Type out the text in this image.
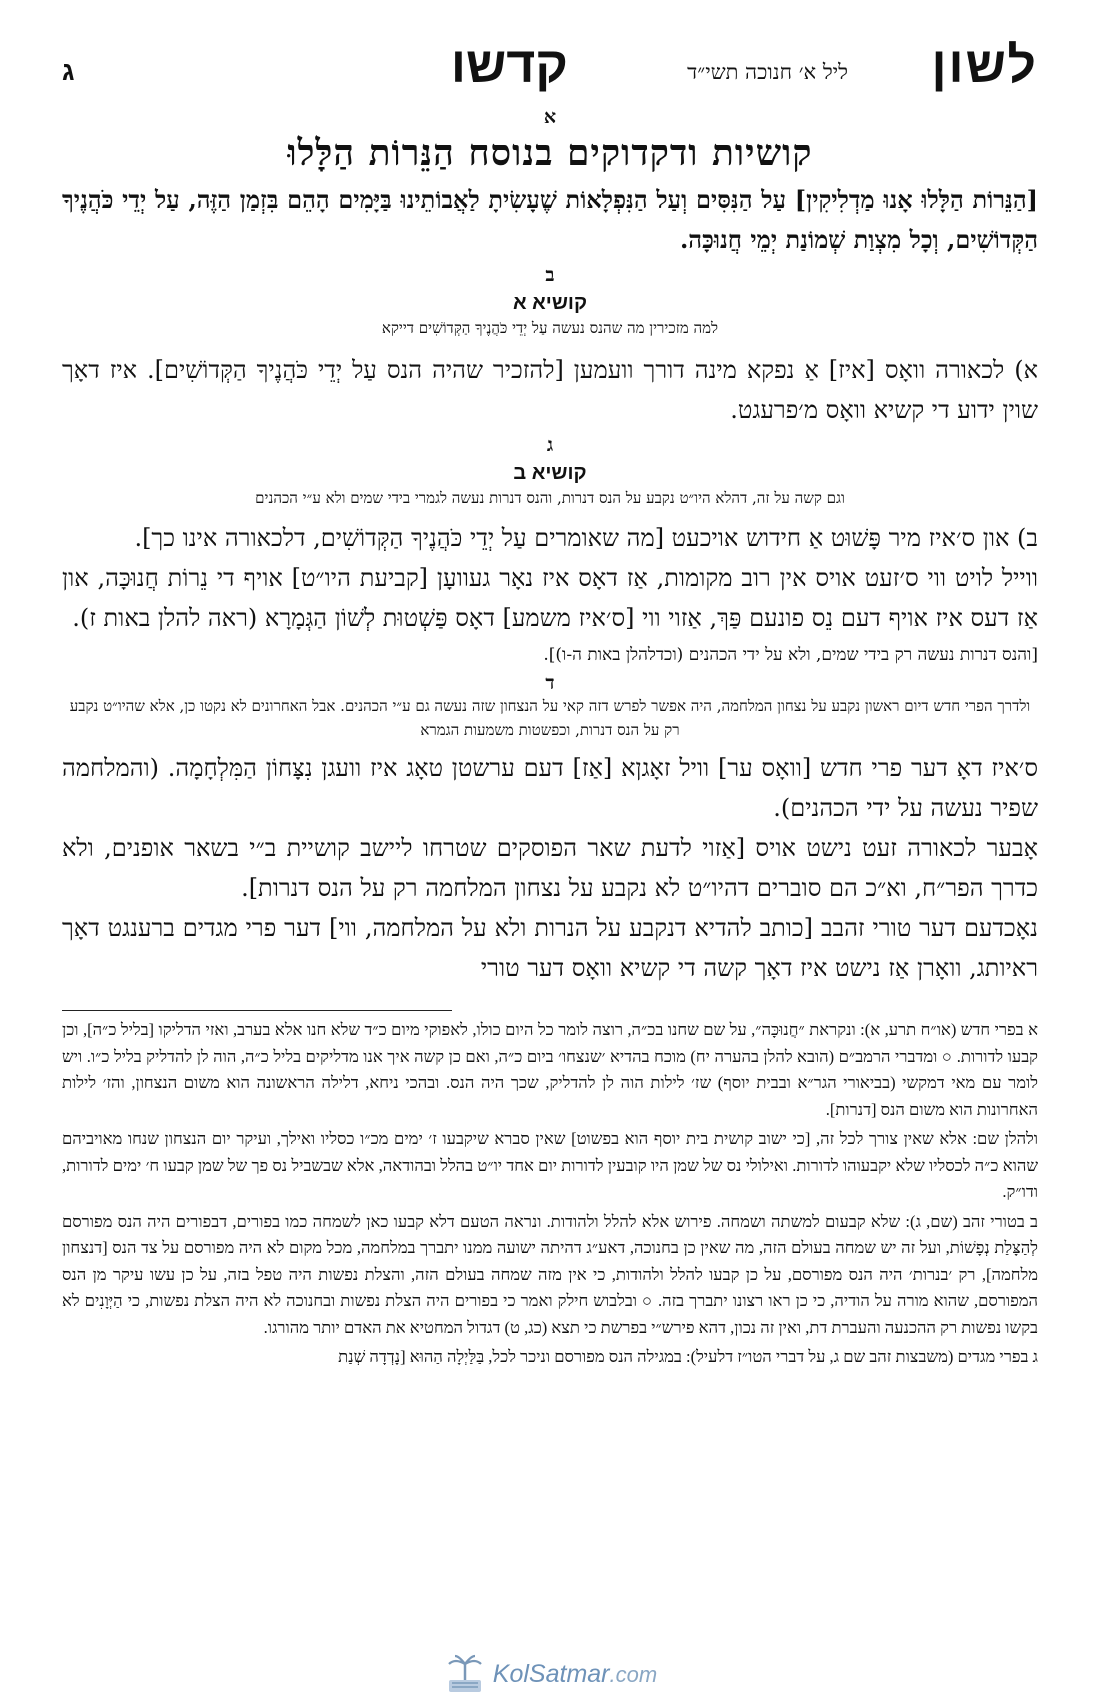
לשון
ליל א׳ חנוכה תשי״ד
קדשו
ג

א

קושיות ודקדוקים בנוסח הַנֵּרוֹת הַלָּלוּ

[הַנֵּרוֹת הַלָּלוּ אָנוּ מַדְלִיקִין] עַל הַנִּסִּים וְעַל הַנִּפְלָאוֹת שֶׁעָשִׂיתָ לַאֲבוֹתֵינוּ בַּיָּמִים הָהֵם בִּזְמַן הַזֶּה, עַל יְדֵי כֹּהֲנֶיךָ הַקְּדוֹשִׁים, וְכָל מִצְוַת שְׁמוֹנַת יְמֵי חֲנוּכָּה.

ב

קושיא א

למה מזכירין מה שהנס נעשה עַל יְדֵי כֹּהֲנֶיךָ הַקְּדוֹשִׁים דייקא

א) לכאורה וואָס [איז] אַ נפקא מינה דורך וועמען [להזכיר שהיה הנס עַל יְדֵי כֹּהֲנֶיךָ הַקְּדוֹשִׁים]. איז דאָך שוין ידוע די קשיא וואָס מ׳פרעגט.

ג

קושיא ב

וגם קשה על זה, דהלא היו״ט נקבע על הנס דנרות, והנס דנרות נעשה לגמרי בידי שמים ולא ע״י הכהנים

ב) און ס׳איז מיר פָּשׁוּט אַ חידוש אויכעט [מה שאומרים עַל יְדֵי כֹּהֲנֶיךָ הַקְּדוֹשִׁים, דלכאורה אינו כך].

ווייל לויט ווי ס׳זעט אויס אין רוב מקומות, אַז דאָס איז נאָר געוועָן [קביעת היו״ט] אויף די נֵרוֹת חֲנוּכָּה, און אַז דעס איז אויף דעם נֵס פונעם פַּךְ, אַזוי ווי [ס׳איז משמע] דאָס פַּשְׁטוּת לְשׁוֹן הַגְּמָרָא (ראה להלן באות ז).

[והנס דנרות נעשה רק בידי שמים, ולא על ידי הכהנים (וכדלהלן באות ה-ו)].

ד

ולדרך הפרי חדש דיום ראשון נקבע על נצחון המלחמה, היה אפשר לפרש דזה קאי על הנצחון שזה נעשה גם ע״י הכהנים. אבל האחרונים לא נקטו כן, אלא שהיו״ט נקבע רק על הנס דנרות, וכפשטות משמעות הגמרא

ס׳איז דאָ דער פרי חדש [וואָס ער] וויל זאָגןא [אַז] דעם ערשטן טאָג איז וועגן נִצָּחוֹן הַמִּלְחָמָה. (והמלחמה שפיר נעשה על ידי הכהנים).

אָבער לכאורה זעט נישט אויס [אַזוי לדעת שאר הפוסקים שטרחו ליישב קושיית ב״י בשאר אופנים, ולא כדרך הפר״ח, וא״כ הם סוברים דהיו״ט לא נקבע על נצחון המלחמה רק על הנס דנרות].

נאָכדעם דער טורי זהבב [כותב להדיא דנקבע על הנרות ולא על המלחמה, ווי] דער פרי מגדים ברענגט דאָך ראיותג, וואָרן אַז נישט איז דאָך קשה די קשיא וואָס דער טורי

א בפרי חדש (או״ח תרע, א): ונקראת ״חֲנוּכָּה״, על שם שחנו בכ״ה, רוצה לומר כל היום כולו, לאפוקי מיום כ״ד שלא חנו אלא בערב, ואזי הדליקו [בליל כ״ה], וכן קבעו לדורות. ○ ומדברי הרמב״ם (הובא להלן בהערה יח) מוכח בהדיא ׳שנצחו׳ ביום כ״ה, ואם כן קשה איך אנו מדליקים בליל כ״ה, הוה לן להדליק בליל כ״ו. ויש לומר עם מאי דמקשי (בביאורי הגר״א ובבית יוסף) שז׳ לילות הוה לן להדליק, שכך היה הנס. ובהכי ניחא, דלילה הראשונה הוא משום הנצחון, והז׳ לילות האחרונות הוא משום הנס [דנרות].

ולהלן שם: אלא שאין צורך לכל זה, [כי ישוב קושית בית יוסף הוא בפשוט] שאין סברא שיקבעו ז׳ ימים מכ״ו כסליו ואילך, ועיקר יום הנצחון שנחו מאויביהם שהוא כ״ה לכסליו שלא יקבעוהו לדורות. ואילולי נס של שמן היו קובעין לדורות יום אחד יו״ט בהלל ובהודאה, אלא שבשביל נס פך של שמן קבעו ח׳ ימים לדורות, ודו״ק.

ב בטורי זהב (שם, ג): שלא קבעום למשתה ושמחה. פירוש אלא להלל ולהודות. ונראה הטעם דלא קבעו כאן לשמחה כמו בפורים, דבפורים היה הנס מפורסם לְהַצָּלַת נְפָשׁוֹת, ועל זה יש שמחה בעולם הזה, מה שאין כן בחנוכה, דאע״ג דהיתה ישועה ממנו יתברך במלחמה, מכל מקום לא היה מפורסם על צד הנס [דנצחון מלחמה], רק ׳בנרות׳ היה הנס מפורסם, על כן קבעו להלל ולהודות, כי אין מזה שמחה בעולם הזה, והצלת נפשות היה טפל בזה, על כן עשו עיקר מן הנס המפורסם, שהוא מורה על הודיה, כי כן ראו רצונו יתברך בזה. ○ ובלבוש חילק ואמר כי בפורים היה הצלת נפשות ובחנוכה לא היה הצלת נפשות, כי הַיְּוָנִים לא בקשו נפשות רק ההכנעה והעברת דת, ואין זה נכון, דהא פירש״י בפרשת כי תצא (כג, ט) דגדול המחטיא את האדם יותר מהורגו.

ג בפרי מגדים (משבצות זהב שם ג, על דברי הטו״ז דלעיל): במגילה הנס מפורסם וניכר לכל, בַּלַּיְלָה הַהוּא [נָדְדָה שְׁנַת

KolSatmar.com
